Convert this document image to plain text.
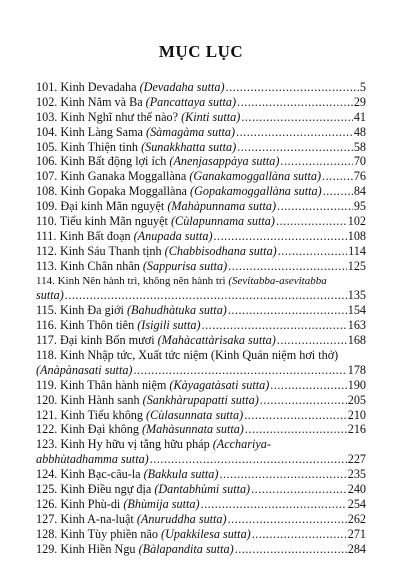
MỤC LỤC
101. Kinh Devadaha (Devadaha sutta) .....	5
102. Kinh Năm và Ba (Pancattaya sutta) .....	29
103. Kinh Nghĩ như thế nào? (Kinti sutta) .....	41
104. Kinh Làng Sama (Sàmagàma sutta) .....	48
105. Kinh Thiện tinh (Sunakkhatta sutta) .....	58
106. Kinh Bất động lợi ích (Anenjasappàya sutta) .....	70
107. Kinh Ganaka Moggallàna (Ganakamoggallàna sutta) .....	76
108. Kinh Gopaka Moggallàna (Gopakamoggallàna sutta) .....	84
109. Đại kinh Mãn nguyệt (Mahàpunnama sutta) .....	95
110. Tiểu kinh Mãn nguyệt (Cùlapunnama sutta) .....	102
111. Kinh Bất đoạn (Anupada sutta) .....	108
112. Kinh Sáu Thanh tịnh (Chabbisodhana sutta) .....	114
113. Kinh Chân nhân (Sappurisa sutta) .....	125
114. Kinh Nên hành trì, không nên hành trì (Sevitabba-asevitabba
sutta) .....	135
115. Kinh Đa giới (Bahudhàtuka sutta) .....	154
116. Kinh Thôn tiên (Isigili sutta) .....	163
117. Đại kinh Bốn mươi (Mahàcattàrisaka sutta) .....	168
118. Kinh Nhập tức, Xuất tức niệm (Kinh Quán niệm hơi thở)
(Anàpànasati sutta) .....	178
119. Kinh Thân hành niệm (Kàyagatàsati sutta) .....	190
120. Kinh Hành sanh (Sankhàrupapatti sutta) .....	205
121. Kinh Tiểu không (Cùlasunnata sutta) .....	210
122. Kinh Đại không (Mahàsunnata sutta) .....	216
123. Kinh Hy hữu vị tằng hữu pháp (Acchariya-
abbhùtadhamma sutta) .....	227
124. Kinh Bạc-câu-la (Bakkula sutta) .....	235
125. Kinh Điều ngự địa (Dantabhùmi sutta) .....	240
126. Kinh Phù-di (Bhùmija sutta) .....	254
127. Kinh A-na-luật (Anuruddha sutta) .....	262
128. Kinh Tùy phiền não (Upakkilesa sutta) .....	271
129. Kinh Hiền Ngu (Bàlapandita sutta) .....	284
